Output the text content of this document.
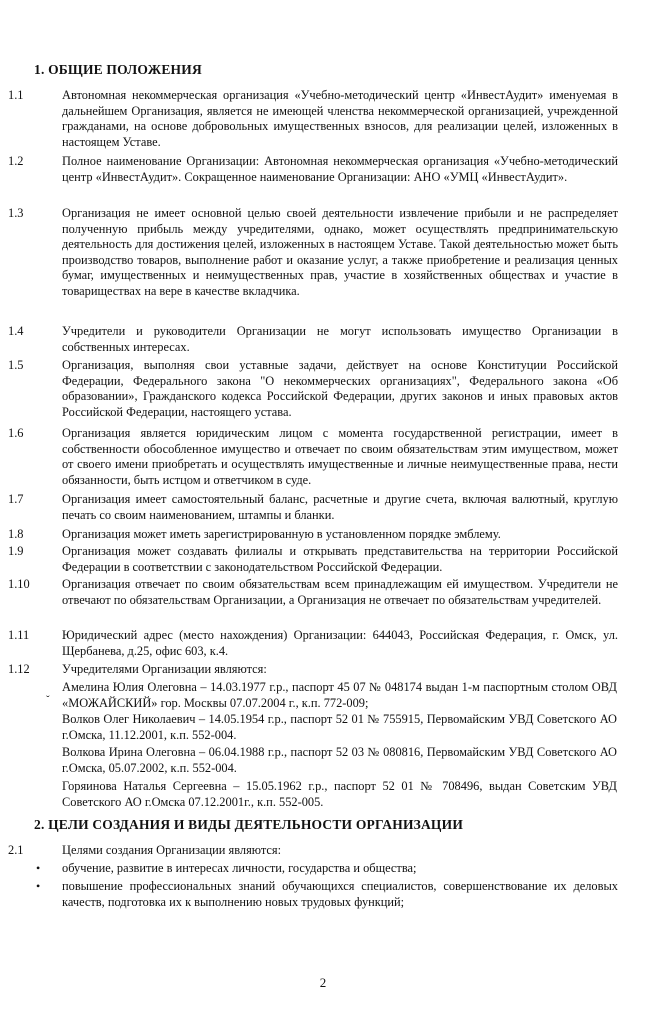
1. ОБЩИЕ ПОЛОЖЕНИЯ
1.1	Автономная некоммерческая организация «Учебно-методический центр «ИнвестАудит» именуемая в дальнейшем Организация, является не имеющей членства некоммерческой организацией, учрежденной гражданами, на основе добровольных имущественных взносов, для реализации целей, изложенных в настоящем Уставе.
1.2	Полное наименование Организации: Автономная некоммерческая организация «Учебно-методический центр «ИнвестАудит». Сокращенное наименование Организации: АНО «УМЦ «ИнвестАудит».
1.3	Организация не имеет основной целью своей деятельности извлечение прибыли и не распределяет полученную прибыль между учредителями, однако, может осуществлять предпринимательскую деятельность для достижения целей, изложенных в настоящем Уставе. Такой деятельностью может быть производство товаров, выполнение работ и оказание услуг, а также приобретение и реализация ценных бумаг, имущественных и неимущественных прав, участие в хозяйственных обществах и участие в товариществах на вере в качестве вкладчика.
1.4	Учредители и руководители Организации не могут использовать имущество Организации в собственных интересах.
1.5	Организация, выполняя свои уставные задачи, действует на основе Конституции Российской Федерации, Федерального закона "О некоммерческих организациях", Федерального закона «Об образовании», Гражданского кодекса Российской Федерации, других законов и иных правовых актов Российской Федерации, настоящего устава.
1.6	Организация является юридическим лицом с момента государственной регистрации, имеет в собственности обособленное имущество и отвечает по своим обязательствам этим имуществом, может от своего имени приобретать и осуществлять имущественные и личные неимущественные права, нести обязанности, быть истцом и ответчиком в суде.
1.7	Организация имеет самостоятельный баланс, расчетные и другие счета, включая валютный, круглую печать со своим наименованием, штампы и бланки.
1.8	Организация может иметь зарегистрированную в установленном порядке эмблему.
1.9	Организация может создавать филиалы и открывать представительства на территории Российской Федерации в соответствии с законодательством Российской Федерации.
1.10	Организация отвечает по своим обязательствам всем принадлежащим ей имуществом. Учредители не отвечают по обязательствам Организации, а Организация не отвечает по обязательствам учредителей.
1.11	Юридический адрес (место нахождения) Организации: 644043, Российская Федерация, г. Омск, ул. Щербанева, д.25, офис 603, к.4.
1.12	Учредителями Организации являются:
ˇ
Амелина Юлия Олеговна – 14.03.1977 г.р., паспорт 45 07 № 048174 выдан 1-м паспортным столом ОВД «МОЖАЙСКИЙ» гор. Москвы 07.07.2004 г., к.п. 772-009;
Волков Олег Николаевич – 14.05.1954 г.р., паспорт 52 01 № 755915, Первомайским УВД Советского АО г.Омска, 11.12.2001, к.п. 552-004.
Волкова Ирина Олеговна – 06.04.1988 г.р., паспорт 52 03 № 080816, Первомайским УВД Советского АО г.Омска, 05.07.2002, к.п. 552-004.
Горяинова Наталья Сергеевна – 15.05.1962 г.р., паспорт 52 01 № 708496, выдан Советским УВД Советского АО г.Омска 07.12.2001г., к.п. 552-005.
2. ЦЕЛИ СОЗДАНИЯ И ВИДЫ ДЕЯТЕЛЬНОСТИ ОРГАНИЗАЦИИ
2.1	Целями создания Организации являются:
• обучение, развитие в интересах личности, государства и общества;
• повышение профессиональных знаний обучающихся специалистов, совершенствование их деловых качеств, подготовка их к выполнению новых трудовых функций;
2
